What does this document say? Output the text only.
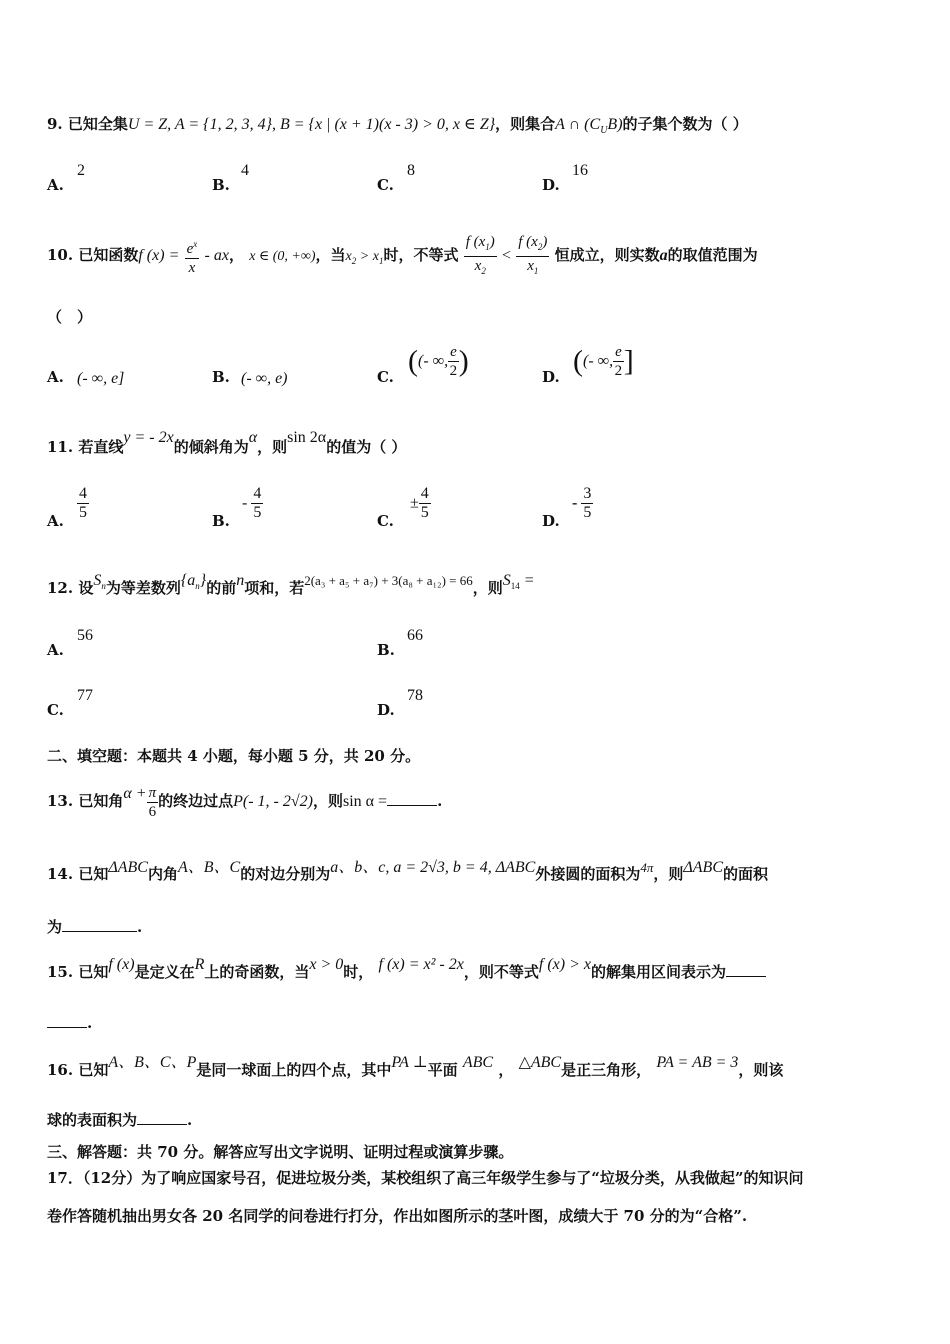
9. 已知全集U = Z, A = {1, 2, 3, 4}, B = {x | (x + 1)(x - 3) > 0, x ∈ Z}，则集合A ∩ $(C_UB)$的子集个数为（ ）
A.
2
B.
4
C.
8
D.
16
10. 已知函数f $(x) = \frac{e^x}{x}$ - ax， x ∈ (0, +∞)，当$x_2 > x_1$时，不等式 $\frac{f (x_1)}{x_2} < \frac{f (x_2)}{x_1}$ 恒成立，则实数a的取值范围为
（　）
A. (- ∞, e]	B. (- ∞, e)	C. ((- ∞, $\frac{e}{2}$ )	D. ((- ∞, $\frac{e}{2}$ ]
11. 若直线y = - 2x的倾斜角为α，则sin 2α的值为（ ）
A. $\frac{4}{5}$	B.
- $\frac{4}{5}$	C.
± $\frac{4}{5}$	D.
- $\frac{3}{5}$
12. 设$S_n$为等差数列$\{a_n\}$的前n项和，若2(a₃ + a₅ + a₇) + 3(a₈ + a₁₂) = 66，则$S_{14}$ =
A.
56
B.
66
C.
77
D.
78
二、填空题：本题共 4 小题，每小题 5 分，共 20 分。
13. 已知角$\alpha + \frac{\pi}{6}$ 的终边过点P(- 1, - 2√2)，则sin α =	.
14. 已知ΔABC内角A、B、C的对边分别为a、b、c, a = 2√3, b = 4, ΔABC外接圆的面积为4π，则ΔABC的面积
为	.
15. 已知f (x)是定义在R上的奇函数，当x > 0时， f (x) = x² - 2x，则不等式f (x) > x的解集用区间表示为
.
16. 已知A、B、C、P是同一球面上的四个点，其中PA ⊥平面 ABC ， △ABC是正三角形， PA = AB = 3，则该
球的表面积为	.
三、解答题：共 70 分。解答应写出文字说明、证明过程或演算步骤。
17．（12分）为了响应国家号召，促进垃圾分类，某校组织了高三年级学生参与了“垃圾分类，从我做起”的知识问
卷作答随机抽出男女各 20 名同学的问卷进行打分，作出如图所示的茎叶图，成绩大于 70 分的为“合格”.
